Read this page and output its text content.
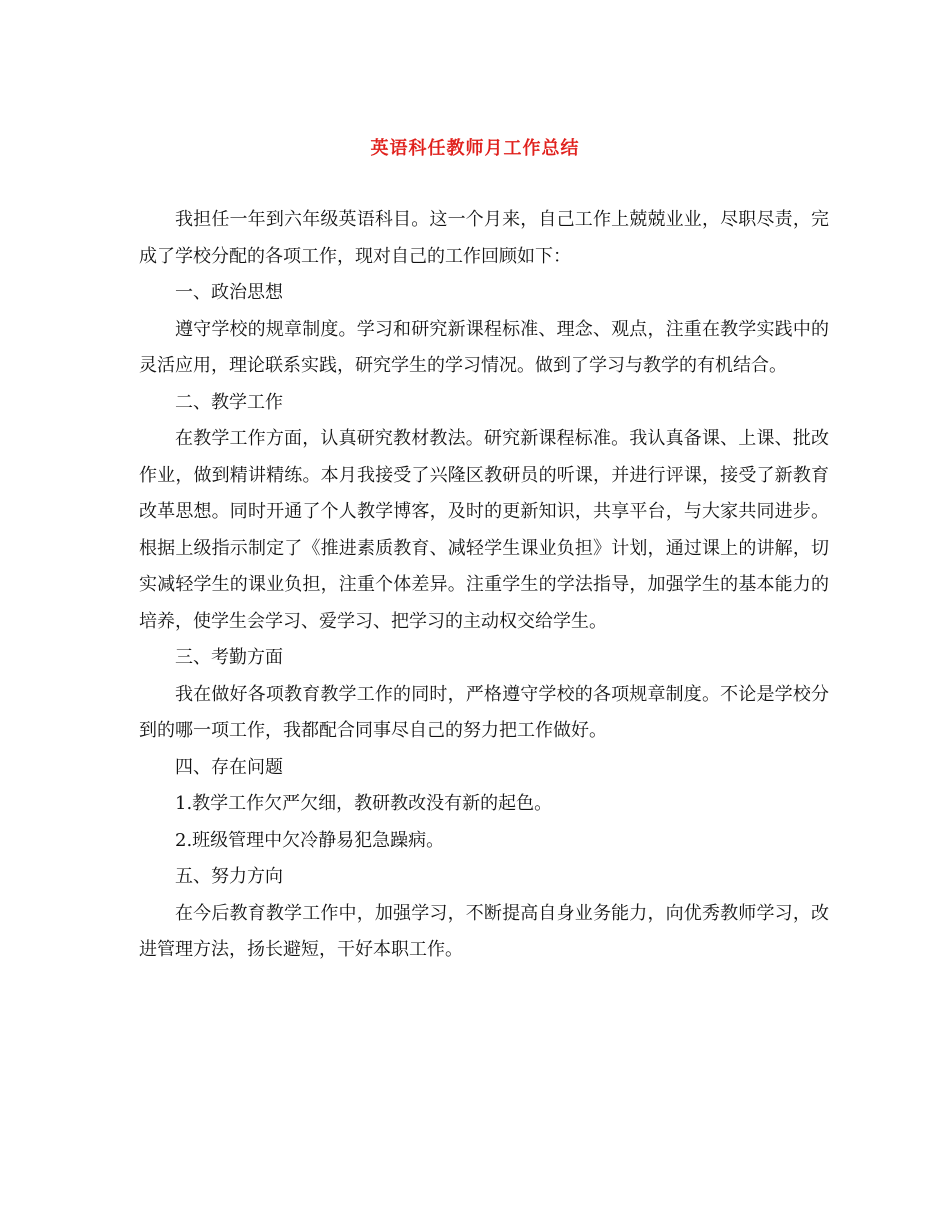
英语科任教师月工作总结

我担任一年到六年级英语科目。这一个月来，自己工作上兢兢业业，尽职尽责，完成了学校分配的各项工作，现对自己的工作回顾如下：

一、政治思想

遵守学校的规章制度。学习和研究新课程标准、理念、观点，注重在教学实践中的灵活应用，理论联系实践，研究学生的学习情况。做到了学习与教学的有机结合。

二、教学工作

在教学工作方面，认真研究教材教法。研究新课程标准。我认真备课、上课、批改作业，做到精讲精练。本月我接受了兴隆区教研员的听课，并进行评课，接受了新教育改革思想。同时开通了个人教学博客，及时的更新知识，共享平台，与大家共同进步。根据上级指示制定了《推进素质教育、减轻学生课业负担》计划，通过课上的讲解，切实减轻学生的课业负担，注重个体差异。注重学生的学法指导，加强学生的基本能力的培养，使学生会学习、爱学习、把学习的主动权交给学生。

三、考勤方面

我在做好各项教育教学工作的同时，严格遵守学校的各项规章制度。不论是学校分到的哪一项工作，我都配合同事尽自己的努力把工作做好。

四、存在问题

1.教学工作欠严欠细，教研教改没有新的起色。

2.班级管理中欠冷静易犯急躁病。

五、努力方向

在今后教育教学工作中，加强学习，不断提高自身业务能力，向优秀教师学习，改进管理方法，扬长避短，干好本职工作。
